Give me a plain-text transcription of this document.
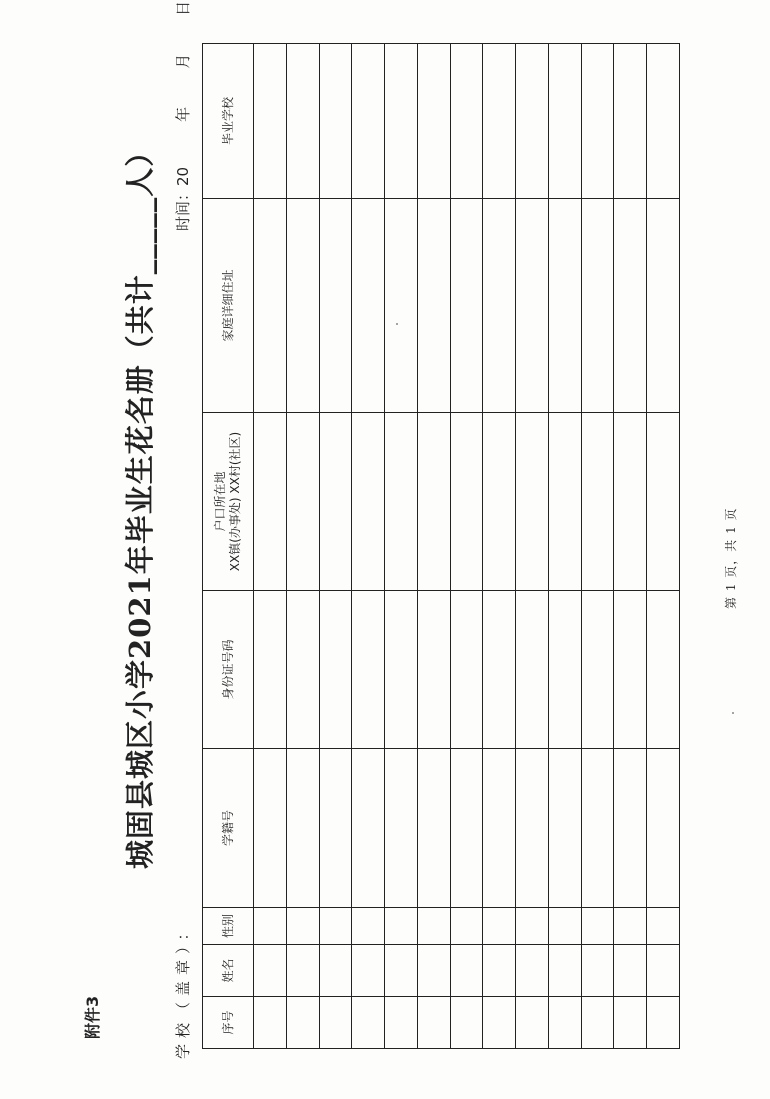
附件3
城固县城区小学2021年毕业生花名册（共计_____人）
学校（盖章）：
时间：20年月日
序号	姓名	性别	学籍号	身份证号码	户口所在地 XX镇(办事处) XX村(社区)	家庭详细住址	毕业学校

第 1 页，共 1 页
